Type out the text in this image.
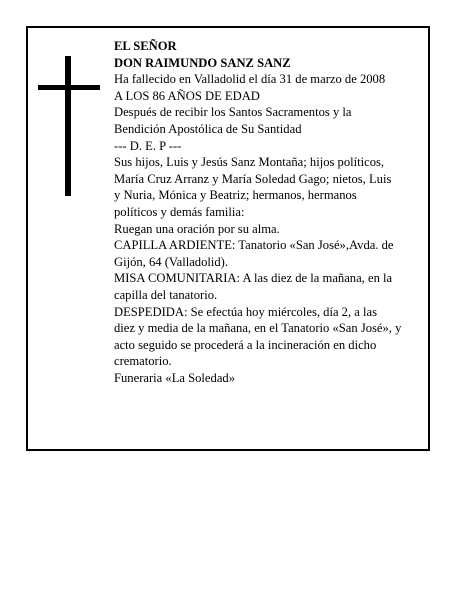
EL SEÑOR
DON RAIMUNDO SANZ SANZ
Ha fallecido en Valladolid el día 31 de marzo de 2008
A LOS 86 AÑOS DE EDAD
Después de recibir los Santos Sacramentos y la
Bendición Apostólica de Su Santidad
--- D. E. P ---
Sus hijos, Luis y Jesús Sanz Montaña; hijos políticos,
María Cruz Arranz y María Soledad Gago; nietos, Luis
y Nuria, Mónica y Beatriz; hermanos, hermanos
políticos y demás familia:
Ruegan una oración por su alma.
CAPILLA ARDIENTE: Tanatorio «San José»,Avda. de
Gijón, 64 (Valladolid).
MISA COMUNITARIA: A las diez de la mañana, en la
capilla del tanatorio.
DESPEDIDA: Se efectúa hoy miércoles, día 2, a las
diez y media de la mañana, en el Tanatorio «San José», y
acto seguido se procederá a la incineración en dicho
crematorio.
Funeraria «La Soledad»
